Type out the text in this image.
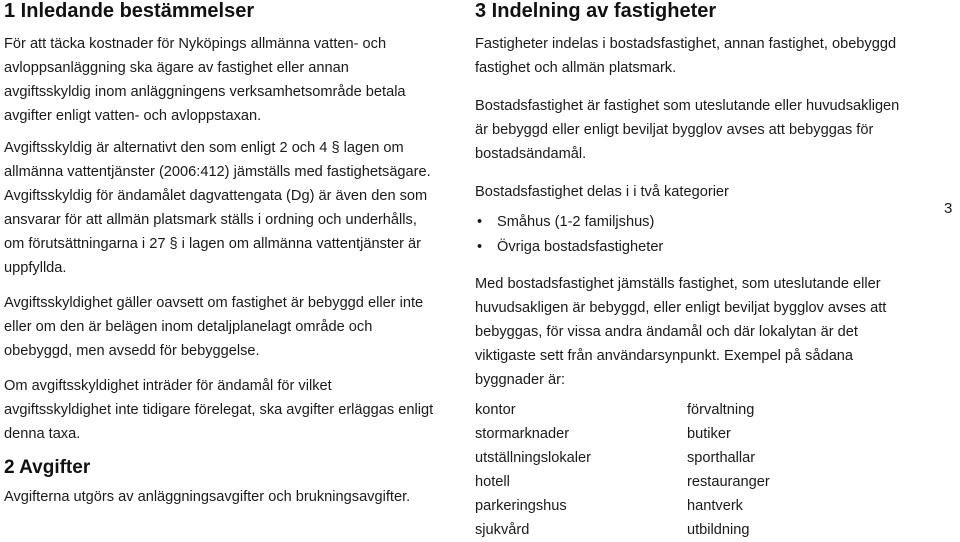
1 Inledande bestämmelser

För att täcka kostnader för Nyköpings allmänna vatten- och avloppsanläggning ska ägare av fastighet eller annan avgiftsskyldig inom anläggningens verksamhetsområde betala avgifter enligt vatten- och avloppstaxan.

Avgiftsskyldig är alternativt den som enligt 2 och 4 § lagen om allmänna vattentjänster (2006:412) jämställs med fastighetsägare. Avgiftsskyldig för ändamålet dagvattengata (Dg) är även den som ansvarar för att allmän platsmark ställs i ordning och underhålls, om förutsättningarna i 27 § i lagen om allmänna vattentjänster är uppfyllda.

Avgiftsskyldighet gäller oavsett om fastighet är bebyggd eller inte eller om den är belägen inom detaljplanelagt område och obebyggd, men avsedd för bebyggelse.

Om avgiftsskyldighet inträder för ändamål för vilket avgiftsskyldighet inte tidigare förelegat, ska avgifter erläggas enligt denna taxa.

2 Avgifter

Avgifterna utgörs av anläggningsavgifter och brukningsavgifter.

3 Indelning av fastigheter

Fastigheter indelas i bostadsfastighet, annan fastighet, obebyggd fastighet och allmän platsmark.

Bostadsfastighet är fastighet som uteslutande eller huvudsakligen är bebyggd eller enligt beviljat bygglov avses att bebyggas för bostadsändamål.

Bostadsfastighet delas i i två kategorier

• Småhus (1-2 familjshus)
• Övriga bostadsfastigheter

Med bostadsfastighet jämställs fastighet, som uteslutande eller huvudsakligen är bebyggd, eller enligt beviljat bygglov avses att bebyggas, för vissa andra ändamål och där lokalytan är det viktigaste sett från användarsynpunkt. Exempel på sådana byggnader är:

kontor	förvaltning
stormarknader	butiker
utställningslokaler	sporthallar
hotell	restauranger
parkeringshus	hantverk
sjukvård	utbildning
3
